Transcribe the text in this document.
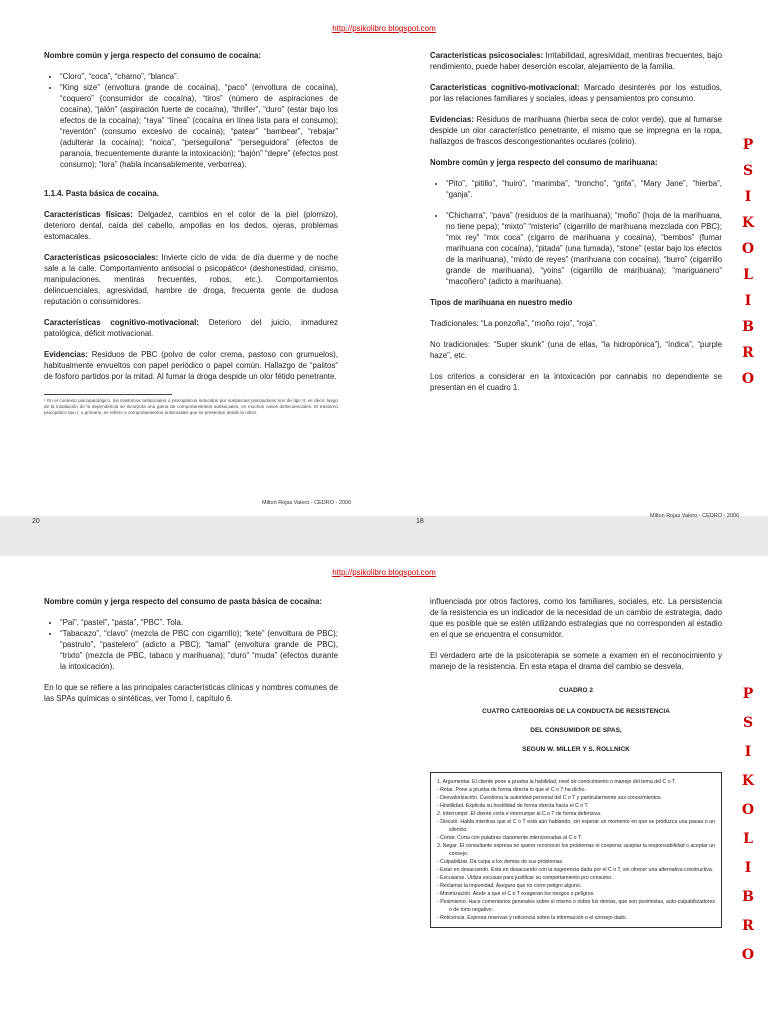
http://psikolibro.blogspot.com

Nombre común y jerga respecto del consumo de cocaína:

• “Cloro”, “coca”, “chamo”, “blanca”.
• “King size” (envoltura grande de cocaína), “paco” (envoltura de cocaína), “coquero” (consumidor de cocaína), “tiros” (número de aspiraciones de cocaína), “jalón” (aspiración fuerte de cocaína), “thriller”, “duro” (estar bajo los efectos de la cocaína); “raya” “línea” (cocaína en línea lista para el consumo); “reventón” (consumo excesivo de cocaína); “patear” “bambear”, “rebajar” (adulterar la cocaína); “noica”, “perseguilona” “perseguidora” (efectos de paranoia, frecuentemente durante la intoxicación); “bajón” “depre” (efectos post consumo); “lora” (habla incansablemente, verborrea).

1.1.4. Pasta básica de cocaína.

Características físicas: Delgadez, cambios en el color de la piel (plomizo), deterioro dental, caída del cabello, ampollas en los dedos, ojeras, problemas estomacales.

Características psicosociales: Invierte ciclo de vida: de día duerme y de noche sale a la calle. Comportamiento antisocial o psicopático¹ (deshonestidad, cinismo, manipulaciones, mentiras frecuentes, robos, etc.). Comportamientos delincuenciales, agresividad, hambre de droga, frecuenta gente de dudosa reputación o consumidores.

Características cognitivo-motivacional: Deterioro del juicio, inmadurez patológica, déficit motivacional.

Evidencias: Residuos de PBC (polvo de color crema, pastoso con grumuelos), habitualmente envueltos con papel periódico o papel común. Hallazgo de “palitos” de fósforo partidos por la mitad. Al fumar la droga despide un olor fétido penetrante.

¹ En el contexto psicopatológico, los trastornos antisociales o psicopáticos inducidos por sustancias psicoactivas son de tipo II; es decir, luego de la instalación de la dependencia se incorpora una gama de comportamientos antisociales, en muchos casos delincuenciales. El trastorno psicopático tipo I, o primario, se refiere a comportamientos antisociales que se presentan desde la niñez.
Milton Rojas Valero - CEDRO - 2006
20

Características psicosociales: Irritabilidad, agresividad, mentiras frecuentes, bajo rendimiento, puede haber deserción escolar, alejamiento de la familia.

Características cognitivo-motivacional: Marcado desinterés por los estudios, por las relaciones familiares y sociales, ideas y pensamientos pro consumo.

Evidencias: Residuos de marihuana (hierba seca de color verde), que al fumarse despide un olor característico penetrante, el mismo que se impregna en la ropa, hallazgos de frascos descongestionantes oculares (colirio).

Nombre común y jerga respecto del consumo de marihuana:

• “Pito”, “pitillo”, “huiro”, “marimba”, “troncho”, “grifa”, “Mary Jane”, “hierba”, “ganja”.
• “Chicharra”, “pava” (residuos de la marihuana); “moño” (hoja de la marihuana, no tiene pepa); “mixto” “misterio” (cigarrillo de marihuana mezclada con PBC); “mix rey” “mix coca” (cigarro de marihuana y cocaína), “bembos” (fumar marihuana con cocaína), “pitada” (una fumada), “stone” (estar bajo los efectos de la marihuana), “mixto de reyes” (marihuana con cocaína), “burro” (cigarrillo grande de marihuana), “yoins” (cigarrillo de marihuana); “mariguanero” “macoñero” (adicto a marihuana).

Tipos de marihuana en nuestro medio

Tradicionales: “La ponzoña”, “moño rojo”, “roja”.

No tradicionales: “Super skunk” (una de ellas, “la hidropónica”), “índica”, “purple haze”, etc.

Los criterios a considerar en la intoxicación por cannabis no dependiente se presentan en el cuadro 1.

Milton Rojas Valero - CEDRO - 2006
18
P
S
I
K
O
L
I
B
R
O
http://psikolibro.blogspot.com

Nombre común y jerga respecto del consumo de pasta básica de cocaína:

• “Pai”, “pastel”, “pasta”, “PBC”. Tola.
• “Tabacazo”, “clavo” (mezcla de PBC con cigarrillo); “kete” (envoltura de PBC); “pastrulo”, “pastelero” (adicto a PBC); “tamal” (envoltura grande de PBC), “trixto” (mezcla de PBC, tabaco y marihuana); “duro” “muda” (efectos durante la intoxicación).

En lo que se refiere a las principales características clínicas y nombres comunes de las SPAs químicas o sintéticas, ver Tomo I, capítulo 6.

influenciada por otros factores, como los familiares, sociales, etc. La persistencia de la resistencia es un indicador de la necesidad de un cambio de estrategia, dado que es posible que se estén utilizando estrategias que no corresponden al estadio en el que se encuentra el consumidor.

El verdadero arte de la psicoterapia se somete a examen en el reconocimiento y manejo de la resistencia. En esta etapa el drama del cambio se desvela.

CUADRO 2

CUATRO CATEGORÍAS DE LA CONDUCTA DE RESISTENCIA

DEL CONSUMIDOR DE SPAS,

SEGUN W. MILLER Y S. ROLLNICK

1. Argumentar. El cliente pone a prueba la habilidad, nivel de conocimiento o manejo del tema del C o T.
- Retar. Pone a prueba de forma directa lo que el C o T ha dicho.
- Desvalorización. Cuestiona la autoridad personal del C o T y particularmente sus conocimientos.
- Hostilidad. Explicita su hostilidad de forma directa hacia el C o T.
2. Interrumpir. El cliente corta e interrumpe al C o T de forma defensiva.
- Discutir. Habla mientras que el C o T está aún hablando, sin esperar un momento en que se produzca una pausa o un silencio.
- Cortar. Corta con palabras claramente intencionadas al C o T.
3. Negar. El consultante expresa no querer reconocer los problemas ni cooperar, aceptar la responsabilidad o aceptar un consejo.
- Culpabilizar. Da culpa a los demás de sus problemas.
- Estar en desacuerdo. Está en desacuerdo con la sugerencia dada por el C o T, sin ofrecer una alternativa constructiva.
- Excusarse. Utiliza excusas para justificar su comportamiento pro consumo.
- Reclamar la impunidad. Asegura que no corre peligro alguno.
- Minimización. Alude a que el C o T exageran los riesgos o peligros.
- Pesimismo. Hace comentarios generales sobre sí mismo o sobre los demás, que son pesimistas, auto-culpabilizadores o de tono negativo.
- Reticencia. Expresa reservas y reticencia sobre la información o el consejo dado.
P
S
I
K
O
L
I
B
R
O
